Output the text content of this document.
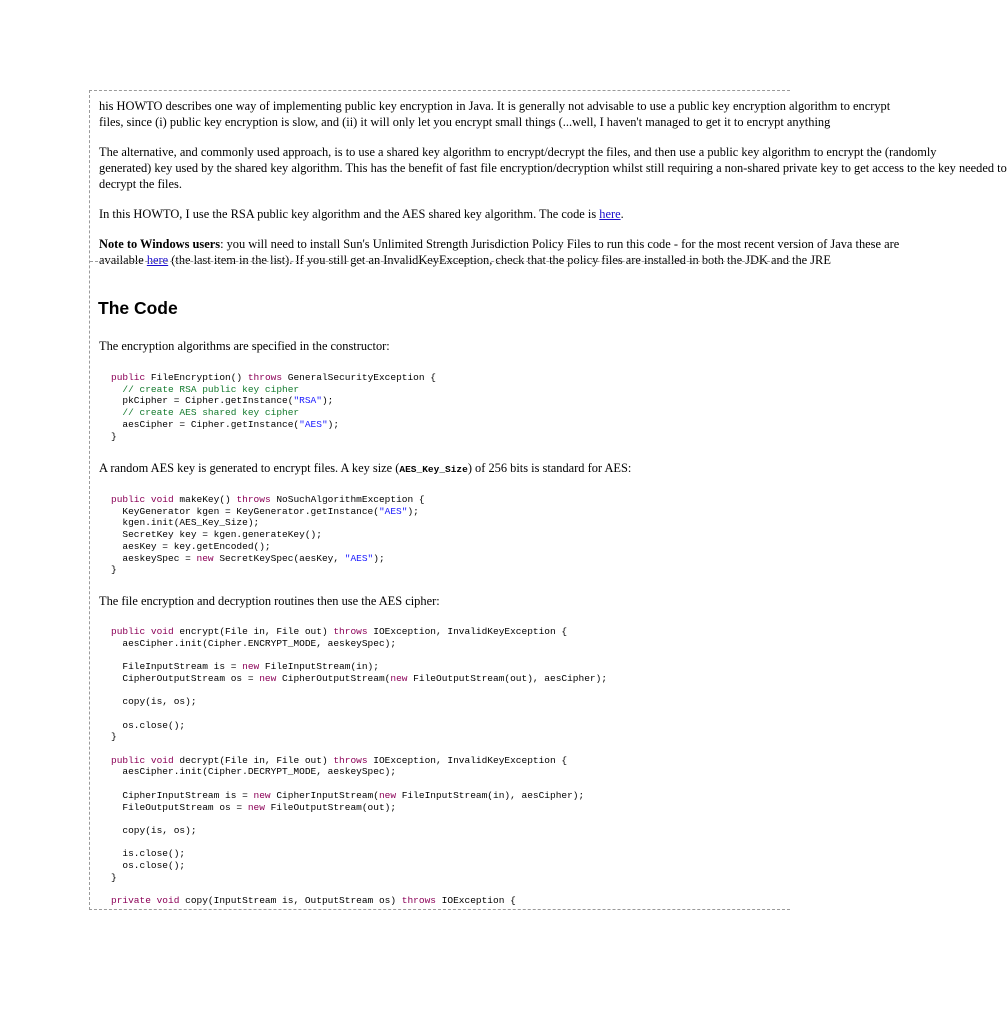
his HOWTO describes one way of implementing public key encryption in Java. It is generally not advisable to use a public key encryption algorithm to encrypt
files, since (i) public key encryption is slow, and (ii) it will only let you encrypt small things (...well, I haven't managed to get it to encrypt anything

The alternative, and commonly used approach, is to use a shared key algorithm to encrypt/decrypt the files, and then use a public key algorithm to encrypt the (randomly
generated) key used by the shared key algorithm. This has the benefit of fast file encryption/decryption whilst still requiring a non-shared private key to get access to the key needed to
decrypt the files.

In this HOWTO, I use the RSA public key algorithm and the AES shared key algorithm. The code is here.

Note to Windows users: you will need to install Sun's Unlimited Strength Jurisdiction Policy Files to run this code - for the most recent version of Java these are
available here (the last item in the list). If you still get an InvalidKeyException, check that the policy files are installed in both the JDK and the JRE

The Code

The encryption algorithms are specified in the constructor:

public FileEncryption() throws GeneralSecurityException {
// create RSA public key cipher
pkCipher = Cipher.getInstance("RSA");
// create AES shared key cipher
aesCipher = Cipher.getInstance("AES");
}

A random AES key is generated to encrypt files. A key size (AES_Key_Size) of 256 bits is standard for AES:

public void makeKey() throws NoSuchAlgorithmException {
KeyGenerator kgen = KeyGenerator.getInstance("AES");
kgen.init(AES_Key_Size);
SecretKey key = kgen.generateKey();
aesKey = key.getEncoded();
aeskeySpec = new SecretKeySpec(aesKey, "AES");
}

The file encryption and decryption routines then use the AES cipher:

public void encrypt(File in, File out) throws IOException, InvalidKeyException {
aesCipher.init(Cipher.ENCRYPT_MODE, aeskeySpec);

FileInputStream is = new FileInputStream(in);
CipherOutputStream os = new CipherOutputStream(new FileOutputStream(out), aesCipher);

copy(is, os);

os.close();
}

public void decrypt(File in, File out) throws IOException, InvalidKeyException {
aesCipher.init(Cipher.DECRYPT_MODE, aeskeySpec);

CipherInputStream is = new CipherInputStream(new FileInputStream(in), aesCipher);
FileOutputStream os = new FileOutputStream(out);

copy(is, os);

is.close();
os.close();
}

private void copy(InputStream is, OutputStream os) throws IOException {
